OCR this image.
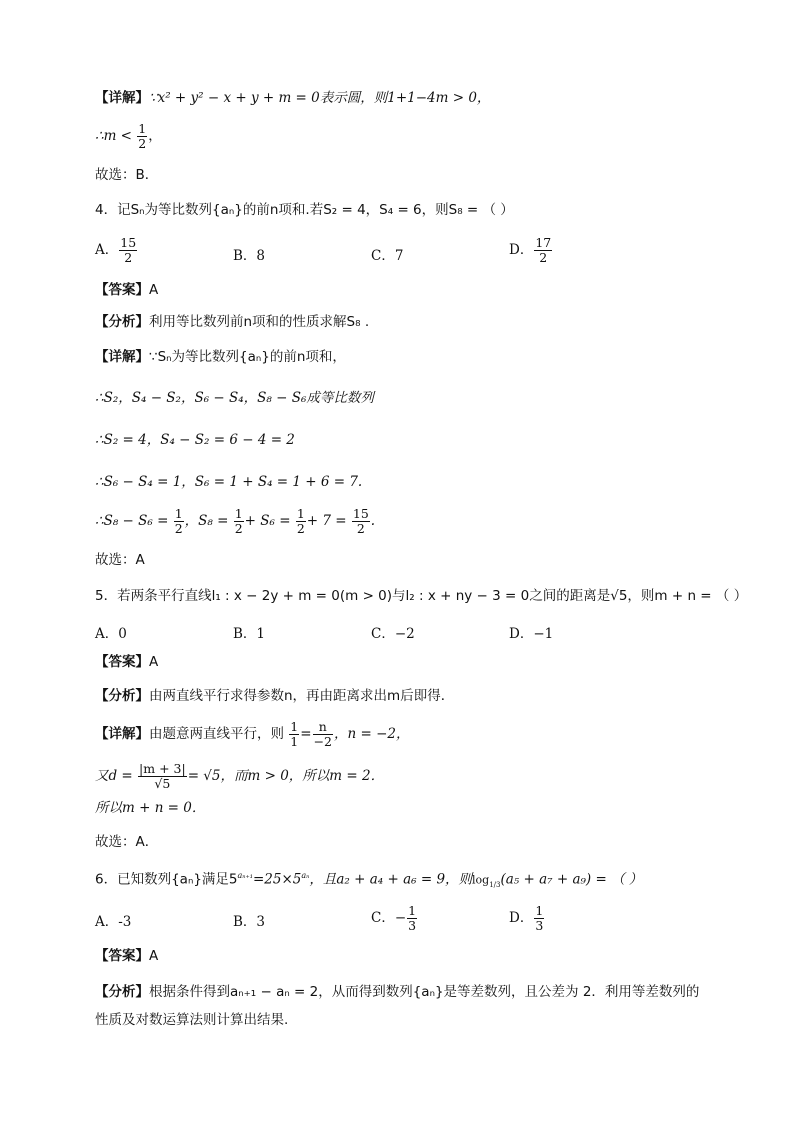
【详解】∵x² + y² − x + y + m = 0表示圆，则1+1−4m > 0，
∴m < $\frac{1}{2}$ ，
故选：B．
4．记Sₙ为等比数列{aₙ}的前n项和.若S₂ = 4，S₄ = 6，则S₈ = （ ）
A． $\frac{15}{2}$	B．8	C．7	D． $\frac{17}{2}$
【答案】A
【分析】利用等比数列前n项和的性质求解S₈ .
【详解】∵Sₙ为等比数列{aₙ}的前n项和，
∴S₂，S₄ − S₂，S₆ − S₄，S₈ − S₆成等比数列
∴S₂ = 4，S₄ − S₂ = 6 − 4 = 2
∴S₆ − S₄ = 1，S₆ = 1 + S₄ = 1 + 6 = 7.
∴S₈ − $S_6 = \frac{1}{2}$ ，$S_8 = \frac{1}{2} + S_6 = \frac{1}{2} + 7 = \frac{15}{2}$ .
故选：A
5．若两条平行直线l₁ : x − 2y + m = 0(m > 0)与l₂ : x + ny − 3 = 0之间的距离是√5，则m + n = （ ）
A．0	B．1	C．−2	D．−1
【答案】A
【分析】由两直线平行求得参数n，再由距离求出m后即得．
【详解】由题意两直线平行，则 $\frac{1}{1} = \frac{n}{-2}$ ，n = −2，
又$d = \frac{|m + 3|}{√5} = √5$，而m > 0，所以m = 2．
所以m + n = 0．
故选：A．
6．已知数列{aₙ}满足$5^{a_{n+1}}=25\times 5^{a_n}$，且a₂ + a₄ + a₆ = 9，则$\log_{1/3}(a_5 + a_7 + a_9)$ = （ ）
A．-3	B．3	C．− $\frac{1}{3}$	D． $\frac{1}{3}$
【答案】A
【分析】根据条件得到aₙ₊₁ − aₙ = 2，从而得到数列{aₙ}是等差数列，且公差为 2．利用等差数列的性质及对数运算法则计算出结果.
